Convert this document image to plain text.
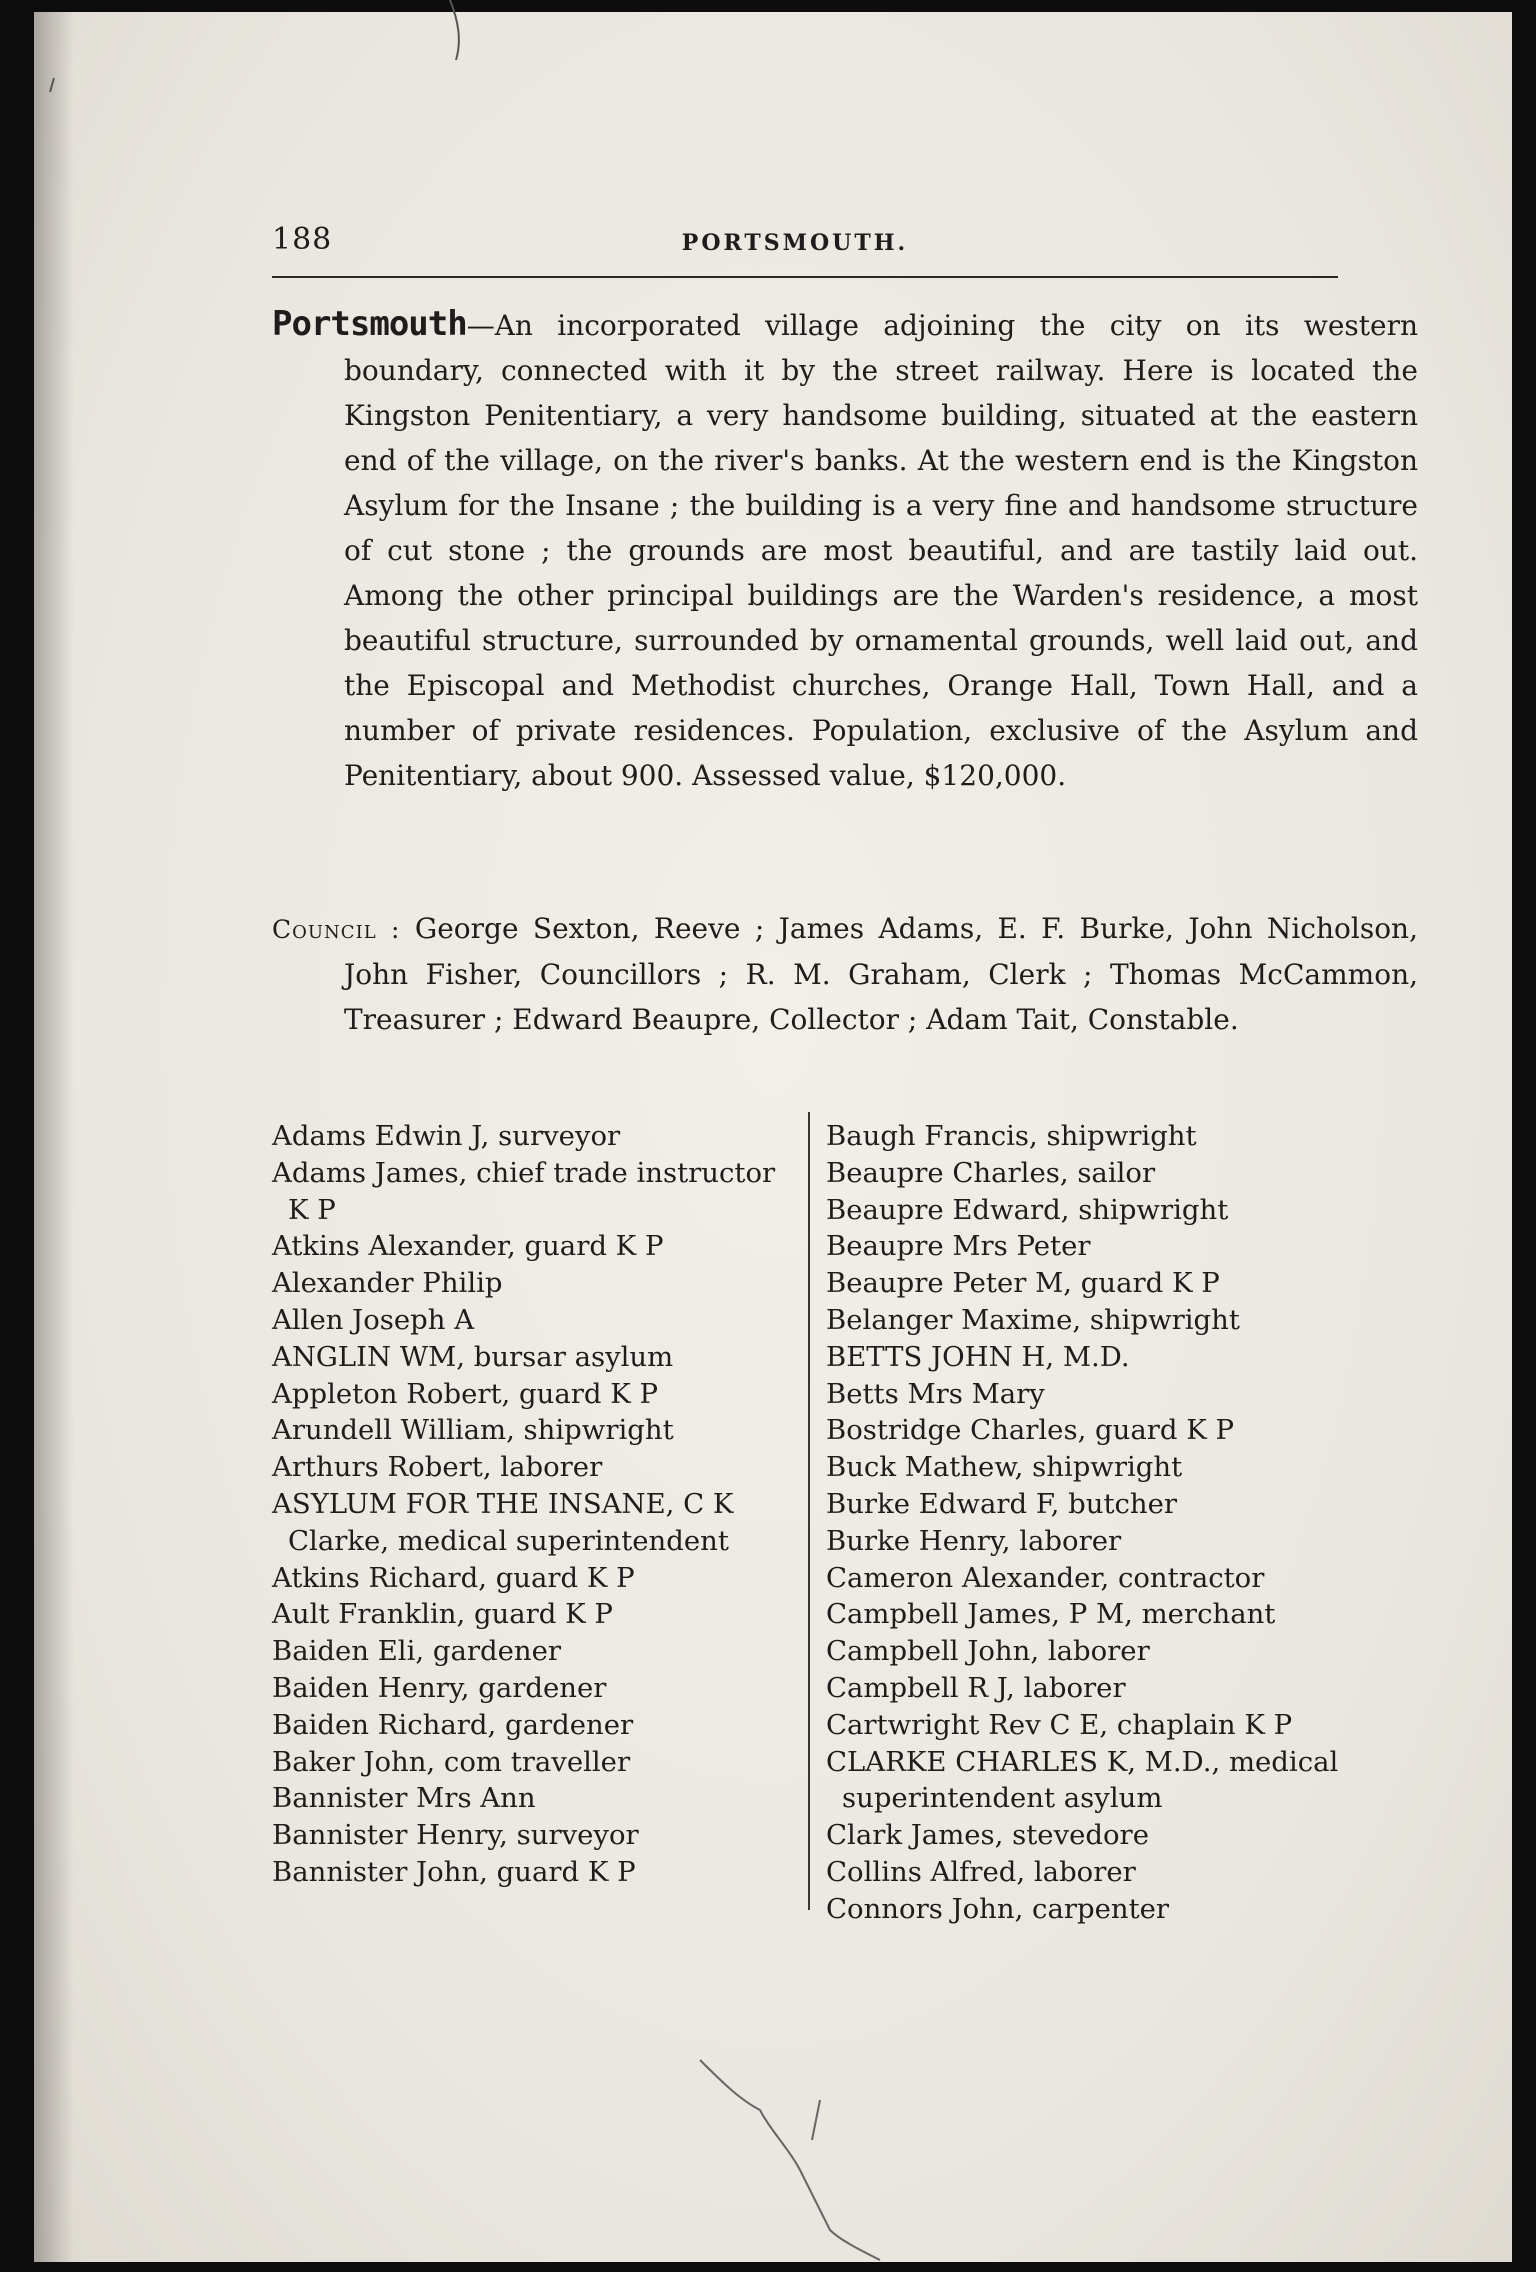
188	PORTSMOUTH.
Portsmouth—An incorporated village adjoining the city on its western boundary, connected with it by the street railway. Here is located the Kingston Penitentiary, a very handsome building, situated at the eastern end of the village, on the river's banks. At the western end is the Kingston Asylum for the Insane ; the building is a very fine and handsome structure of cut stone ; the grounds are most beautiful, and are tastily laid out. Among the other principal buildings are the Warden's residence, a most beautiful structure, surrounded by ornamental grounds, well laid out, and the Episcopal and Methodist churches, Orange Hall, Town Hall, and a number of private residences. Population, exclusive of the Asylum and Penitentiary, about 900. Assessed value, $120,000.
Council : George Sexton, Reeve ; James Adams, E. F. Burke, John Nicholson, John Fisher, Councillors ; R. M. Graham, Clerk ; Thomas McCammon, Treasurer ; Edward Beaupre, Collector ; Adam Tait, Constable.
Adams Edwin J, surveyor
Adams James, chief trade instructor K P
Atkins Alexander, guard K P
Alexander Philip
Allen Joseph A
ANGLIN WM, bursar asylum
Appleton Robert, guard K P
Arundell William, shipwright
Arthurs Robert, laborer
ASYLUM FOR THE INSANE, C K Clarke, medical superintendent
Atkins Richard, guard K P
Ault Franklin, guard K P
Baiden Eli, gardener
Baiden Henry, gardener
Baiden Richard, gardener
Baker John, com traveller
Bannister Mrs Ann
Bannister Henry, surveyor
Bannister John, guard K P
Baugh Francis, shipwright
Beaupre Charles, sailor
Beaupre Edward, shipwright
Beaupre Mrs Peter
Beaupre Peter M, guard K P
Belanger Maxime, shipwright
BETTS JOHN H, M.D.
Betts Mrs Mary
Bostridge Charles, guard K P
Buck Mathew, shipwright
Burke Edward F, butcher
Burke Henry, laborer
Cameron Alexander, contractor
Campbell James, P M, merchant
Campbell John, laborer
Campbell R J, laborer
Cartwright Rev C E, chaplain K P
CLARKE CHARLES K, M.D., medical superintendent asylum
Clark James, stevedore
Collins Alfred, laborer
Connors John, carpenter
